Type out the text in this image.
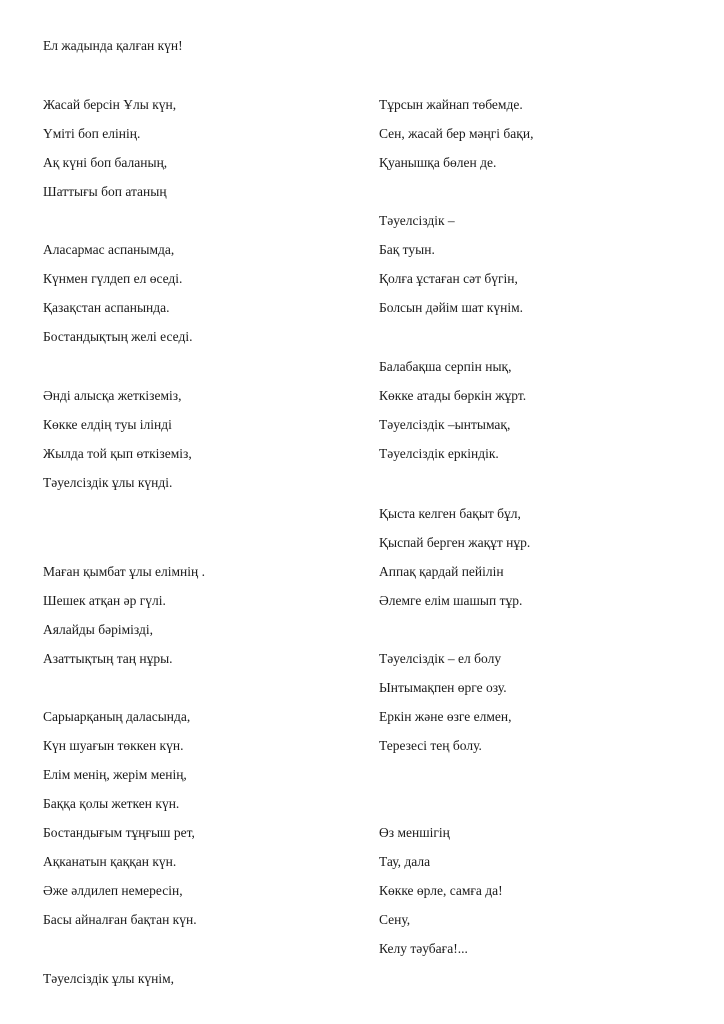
Ел жадында қалған күн!

Жасай берсін Ұлы күн,

Үміті боп елінің.

Ақ күні боп баланың,

Шаттығы боп атаның

Аласармас аспанымда,

Күнмен гүлдеп ел өседі.

Қазақстан аспанында.

Бостандықтың желі еседі.

Әнді алысқа жеткіземіз,

Көкке елдің туы ілінді

Жылда той қып өткіземіз,

Тәуелсіздік ұлы күнді.

Маған қымбат ұлы елімнің .

Шешек атқан әр гүлі.

Аялайды бәрімізді,

Азаттықтың таң нұры.

Сарыарқаның даласында,

Күн шуағын төккен күн.

Елім менің, жерім менің,

Баққа қолы жеткен күн.

Бостандығым тұңғыш рет,

Ақканатын қаққан күн.

Әже әлдилеп немересін,

Басы айналған бақтан күн.

Тәуелсіздік ұлы күнім,

Тұрсын жайнап төбемде.

Сен, жасай бер мәңгі бақи,

Қуанышқа бөлен де.

Тәуелсіздік –

Бақ туын.

Қолға ұстаған сәт бүгін,

Болсын дәйім шат күнім.

Балабақша серпін нық,

Көкке атады бөркін жұрт.

Тәуелсіздік –ынтымақ,

Тәуелсіздік еркіндік.

Қыста келген бақыт бұл,

Қыспай берген жақұт нұр.

Аппақ қардай пейілін

Әлемге елім шашып тұр.

Тәуелсіздік – ел болу

Ынтымақпен өрге озу.

Еркін және өзге елмен,

Терезесі тең болу.

Өз меншігің

Тау, дала

Көкке өрле, самға да!

Сену,

Келу тәубаға!...
